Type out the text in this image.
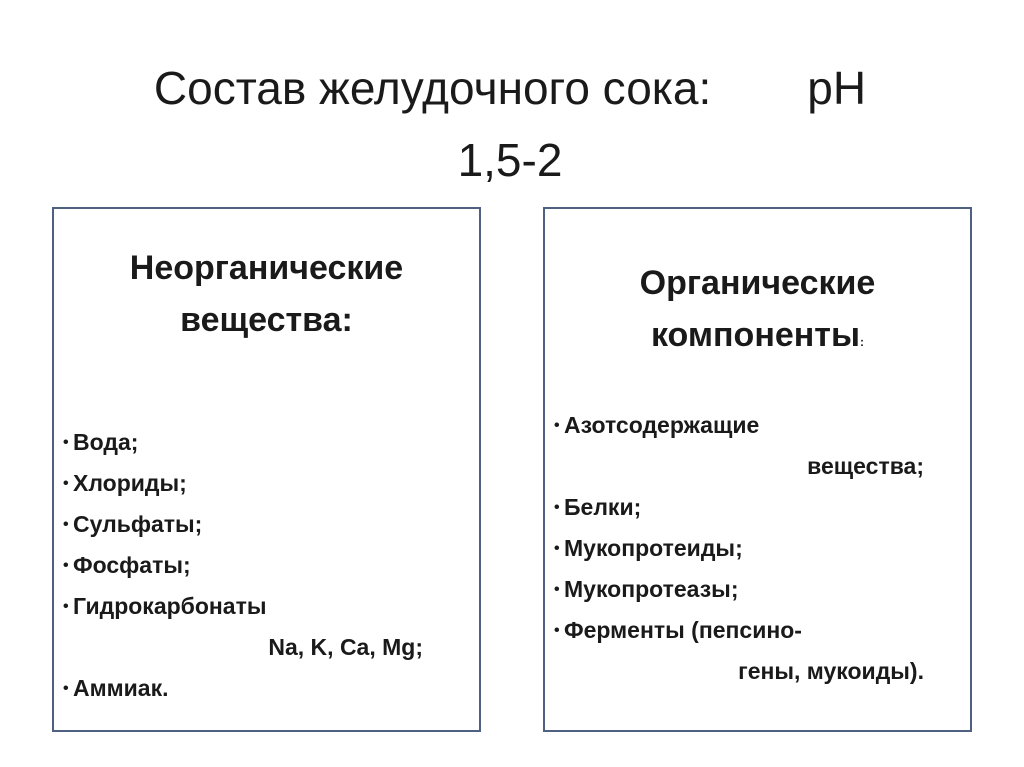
Состав желудочного сока: pH
1,5-2
Неорганические
вещества:
• Вода;
• Хлориды;
• Сульфаты;
• Фосфаты;
• Гидрокарбонаты
Na, K, Ca, Mg;
• Аммиак.
Органические
компоненты:
• Азотсодержащие
вещества;
• Белки;
• Мукопротеиды;
• Мукопротеазы;
• Ферменты (пепсино-
гены, мукоиды).
